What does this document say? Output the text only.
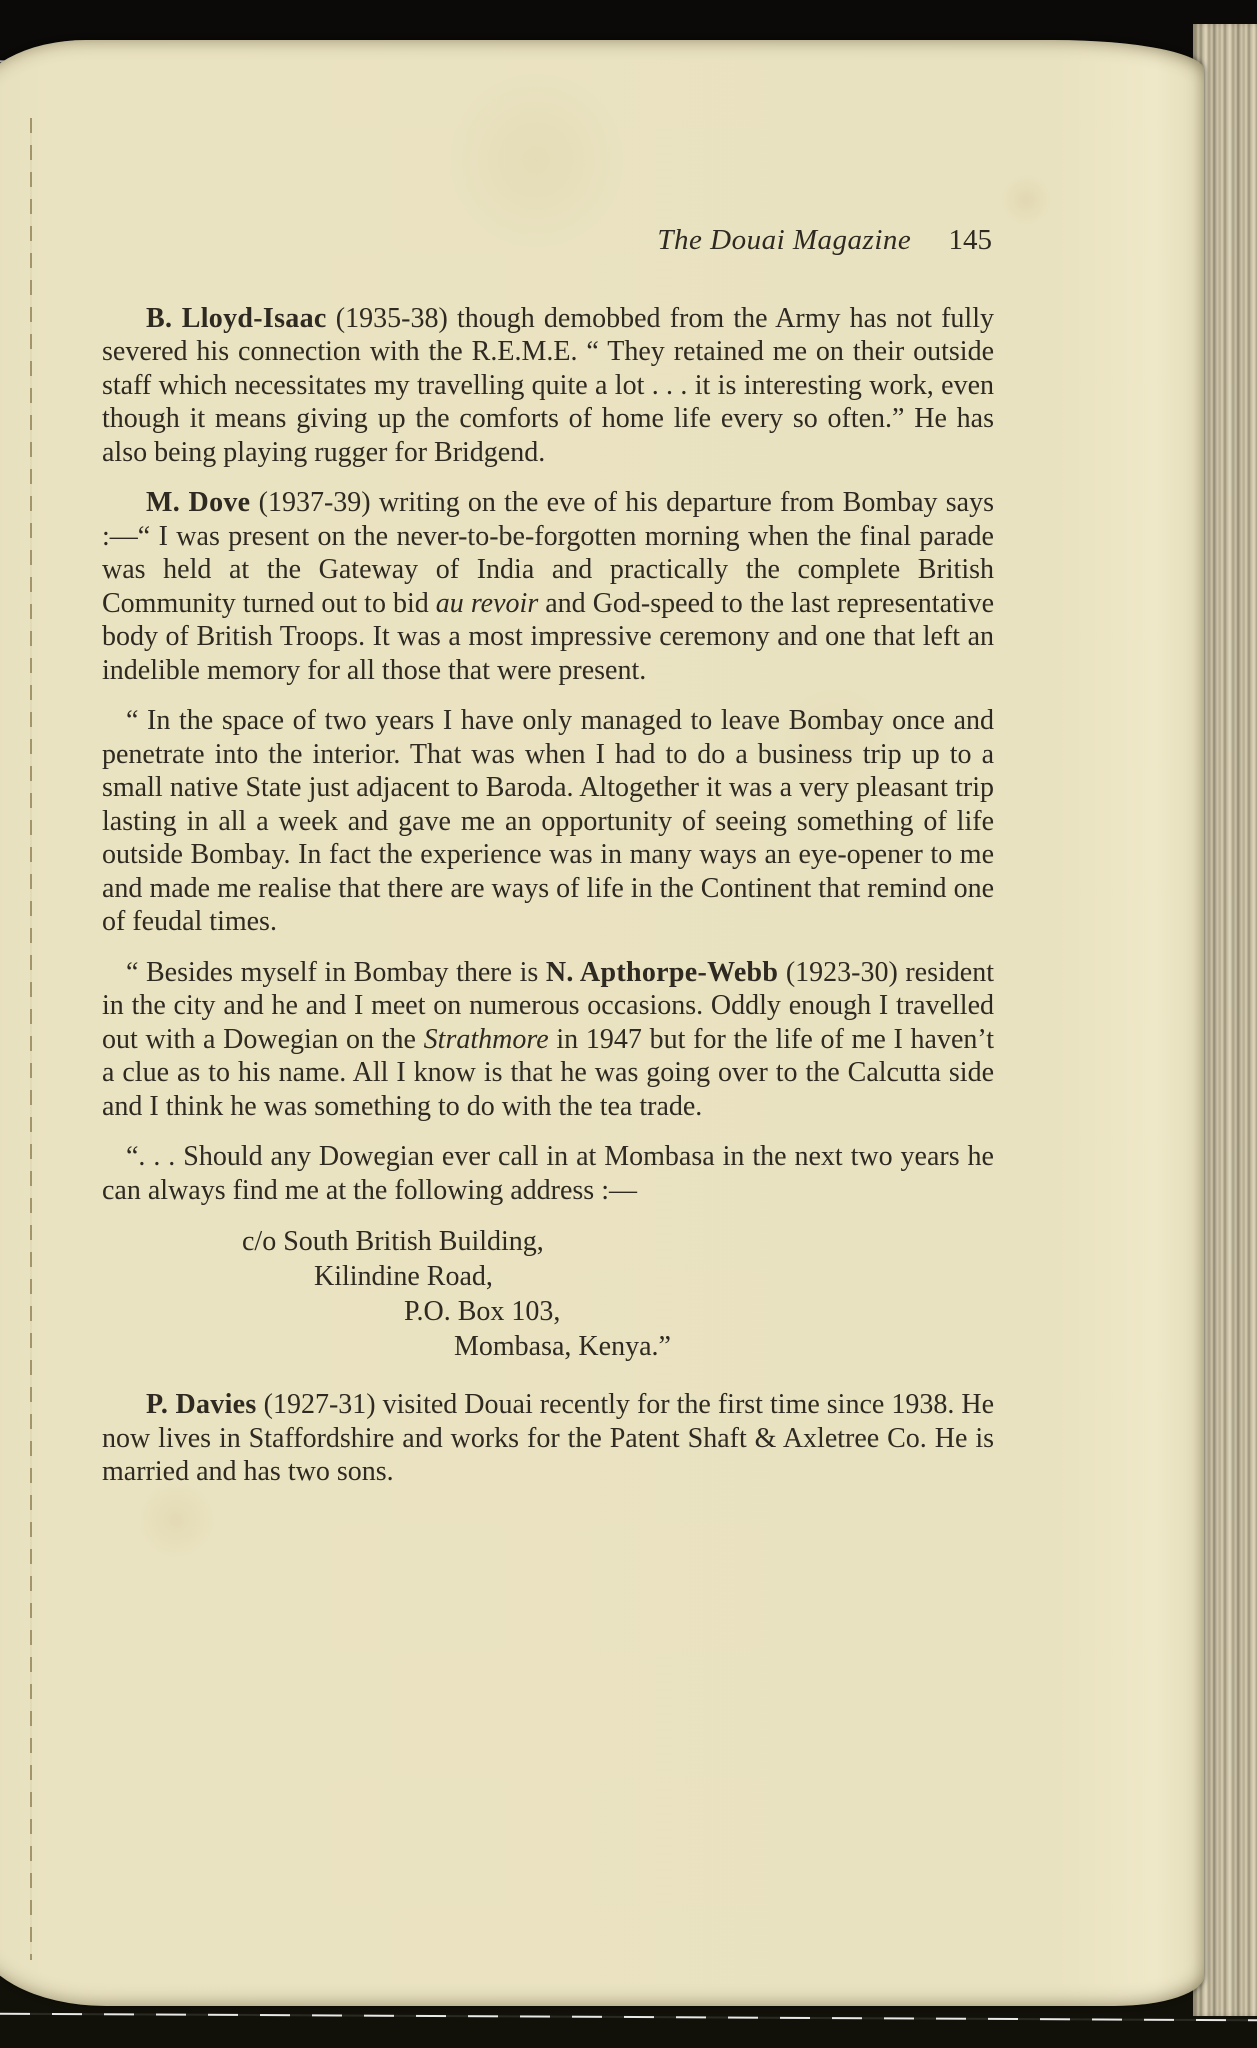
The Douai Magazine 145

B. Lloyd-Isaac (1935-38) though demobbed from the Army has not fully severed his connection with the R.E.M.E. “ They retained me on their outside staff which necessitates my travelling quite a lot . . . it is interesting work, even though it means giving up the comforts of home life every so often.” He has also being playing rugger for Bridgend.

M. Dove (1937-39) writing on the eve of his departure from Bombay says :—“ I was present on the never-to-be-forgotten morning when the final parade was held at the Gateway of India and practically the complete British Community turned out to bid au revoir and God-speed to the last representative body of British Troops. It was a most impressive ceremony and one that left an indelible memory for all those that were present.

“ In the space of two years I have only managed to leave Bombay once and penetrate into the interior. That was when I had to do a business trip up to a small native State just adjacent to Baroda. Altogether it was a very pleasant trip lasting in all a week and gave me an opportunity of seeing something of life outside Bombay. In fact the experience was in many ways an eye-opener to me and made me realise that there are ways of life in the Continent that remind one of feudal times.

“ Besides myself in Bombay there is N. Apthorpe-Webb (1923-30) resident in the city and he and I meet on numerous occasions. Oddly enough I travelled out with a Dowegian on the Strathmore in 1947 but for the life of me I haven’t a clue as to his name. All I know is that he was going over to the Calcutta side and I think he was something to do with the tea trade.

“. . . Should any Dowegian ever call in at Mombasa in the next two years he can always find me at the following address :—

c/o South British Building,
Kilindine Road,
P.O. Box 103,
Mombasa, Kenya.”

P. Davies (1927-31) visited Douai recently for the first time since 1938. He now lives in Staffordshire and works for the Patent Shaft & Axletree Co. He is married and has two sons.
